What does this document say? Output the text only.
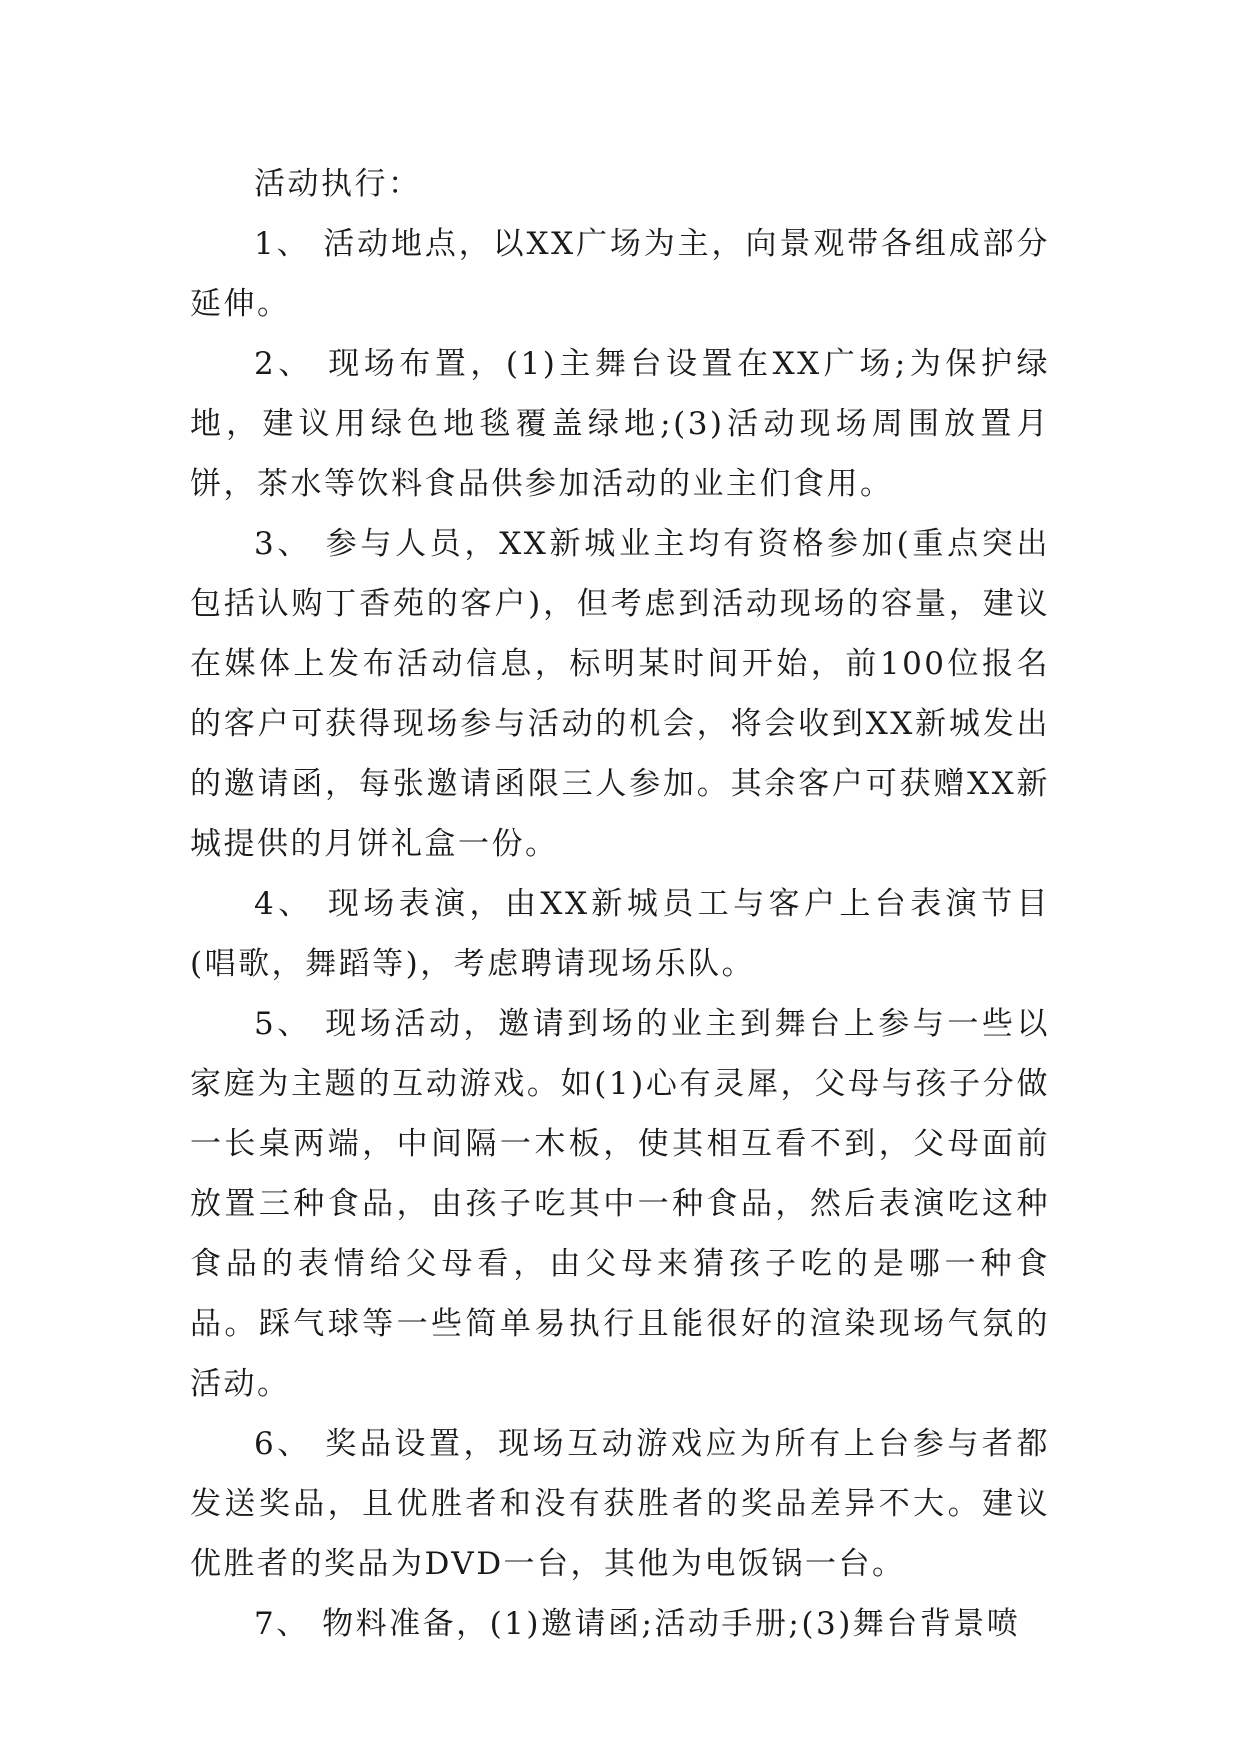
活动执行：

1、 活动地点，以XX广场为主，向景观带各组成部分延伸。

2、 现场布置，(1)主舞台设置在XX广场;为保护绿地，建议用绿色地毯覆盖绿地;(3)活动现场周围放置月饼，茶水等饮料食品供参加活动的业主们食用。

3、 参与人员，XX新城业主均有资格参加(重点突出包括认购丁香苑的客户)，但考虑到活动现场的容量，建议在媒体上发布活动信息，标明某时间开始，前100位报名的客户可获得现场参与活动的机会，将会收到XX新城发出的邀请函，每张邀请函限三人参加。其余客户可获赠XX新城提供的月饼礼盒一份。

4、 现场表演，由XX新城员工与客户上台表演节目(唱歌，舞蹈等)，考虑聘请现场乐队。

5、 现场活动，邀请到场的业主到舞台上参与一些以家庭为主题的互动游戏。如(1)心有灵犀，父母与孩子分做一长桌两端，中间隔一木板，使其相互看不到，父母面前放置三种食品，由孩子吃其中一种食品，然后表演吃这种食品的表情给父母看，由父母来猜孩子吃的是哪一种食品。踩气球等一些简单易执行且能很好的渲染现场气氛的活动。

6、 奖品设置，现场互动游戏应为所有上台参与者都发送奖品，且优胜者和没有获胜者的奖品差异不大。建议优胜者的奖品为DVD一台，其他为电饭锅一台。

7、 物料准备，(1)邀请函;活动手册;(3)舞台背景喷
